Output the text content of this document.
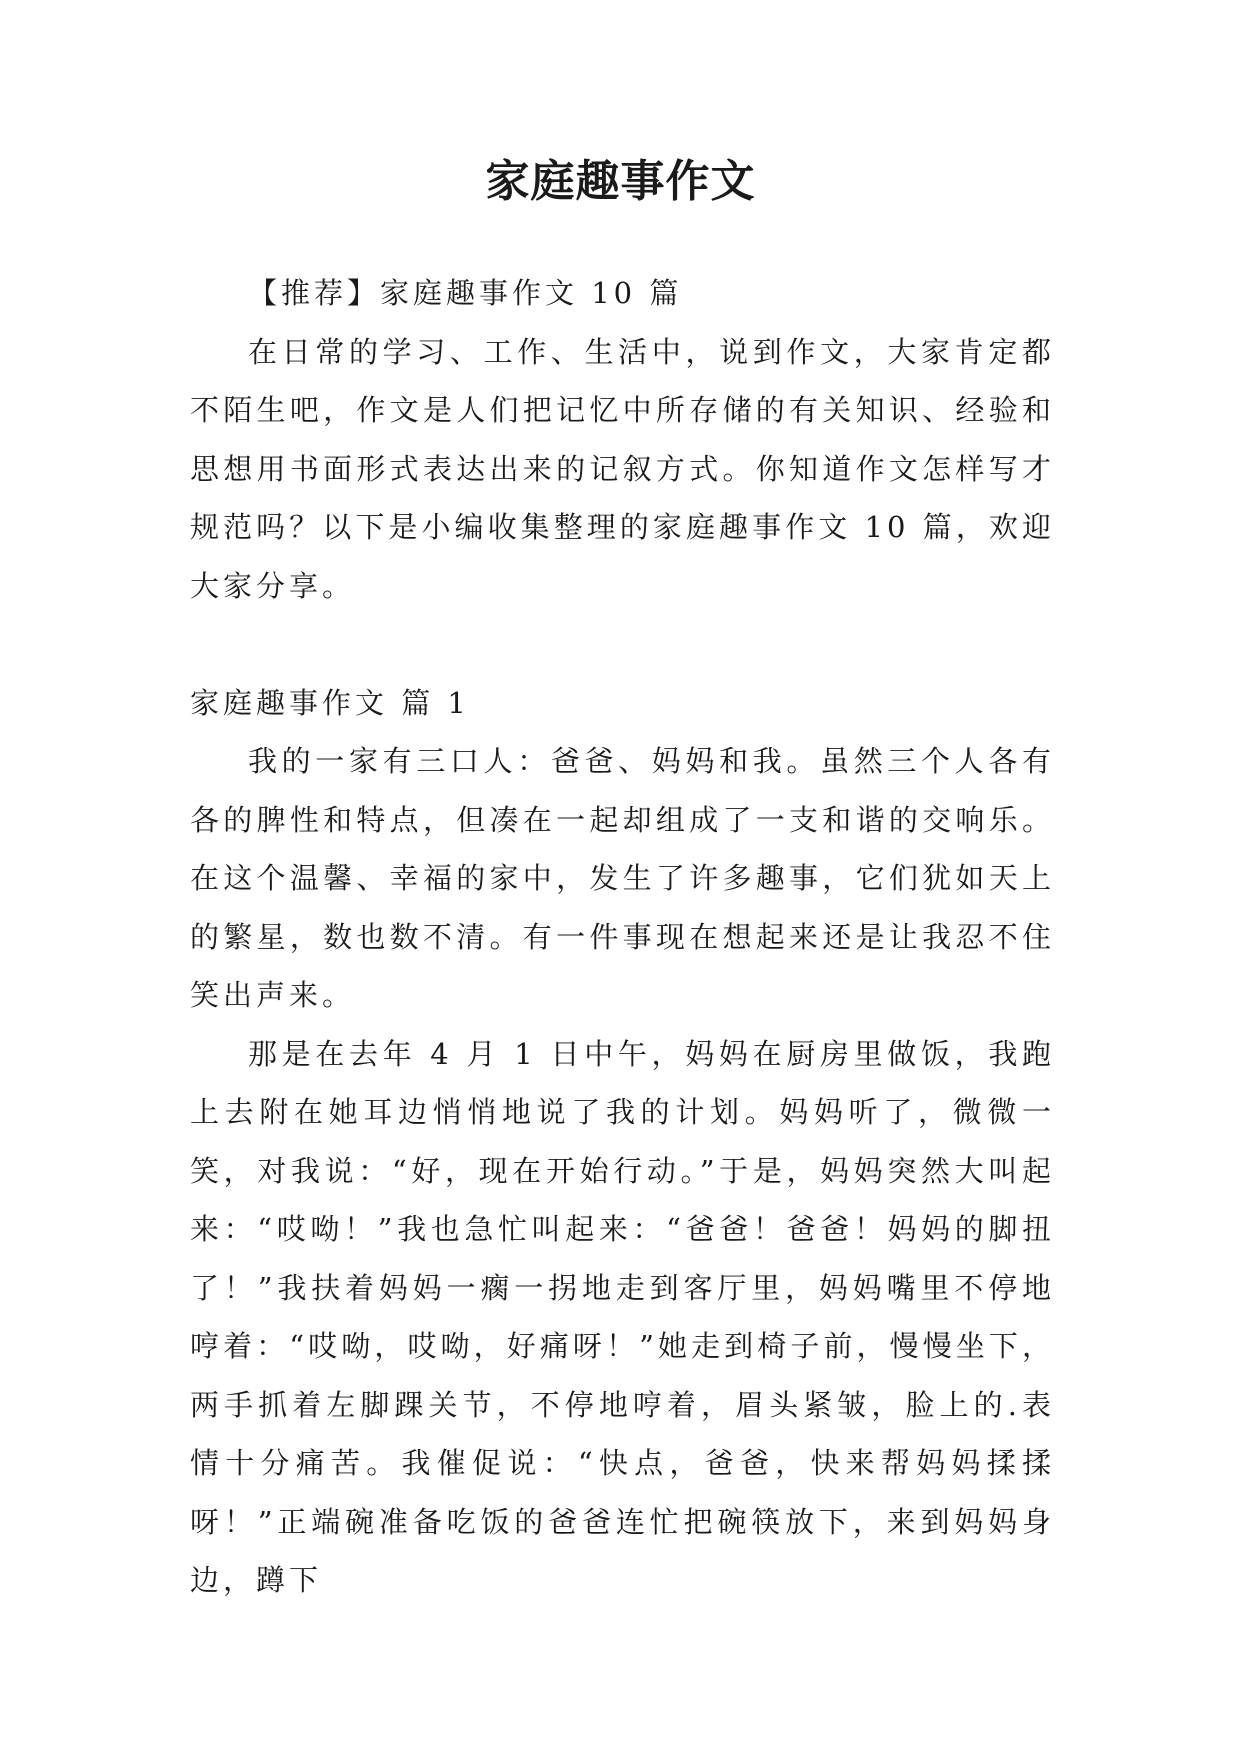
家庭趣事作文

【推荐】家庭趣事作文 10 篇

在日常的学习、工作、生活中，说到作文，大家肯定都不陌生吧，作文是人们把记忆中所存储的有关知识、经验和思想用书面形式表达出来的记叙方式。你知道作文怎样写才规范吗？以下是小编收集整理的家庭趣事作文 10 篇，欢迎大家分享。

家庭趣事作文 篇 1

我的一家有三口人：爸爸、妈妈和我。虽然三个人各有各的脾性和特点，但凑在一起却组成了一支和谐的交响乐。在这个温馨、幸福的家中，发生了许多趣事，它们犹如天上的繁星，数也数不清。有一件事现在想起来还是让我忍不住笑出声来。

那是在去年 4 月 1 日中午，妈妈在厨房里做饭，我跑上去附在她耳边悄悄地说了我的计划。妈妈听了，微微一笑，对我说：“好，现在开始行动。”于是，妈妈突然大叫起来：“哎呦！”我也急忙叫起来：“爸爸！爸爸！妈妈的脚扭了！”我扶着妈妈一瘸一拐地走到客厅里，妈妈嘴里不停地哼着：“哎呦，哎呦，好痛呀！”她走到椅子前，慢慢坐下，两手抓着左脚踝关节，不停地哼着，眉头紧皱，脸上的.表情十分痛苦。我催促说：“快点，爸爸，快来帮妈妈揉揉呀！”正端碗准备吃饭的爸爸连忙把碗筷放下，来到妈妈身边，蹲下
